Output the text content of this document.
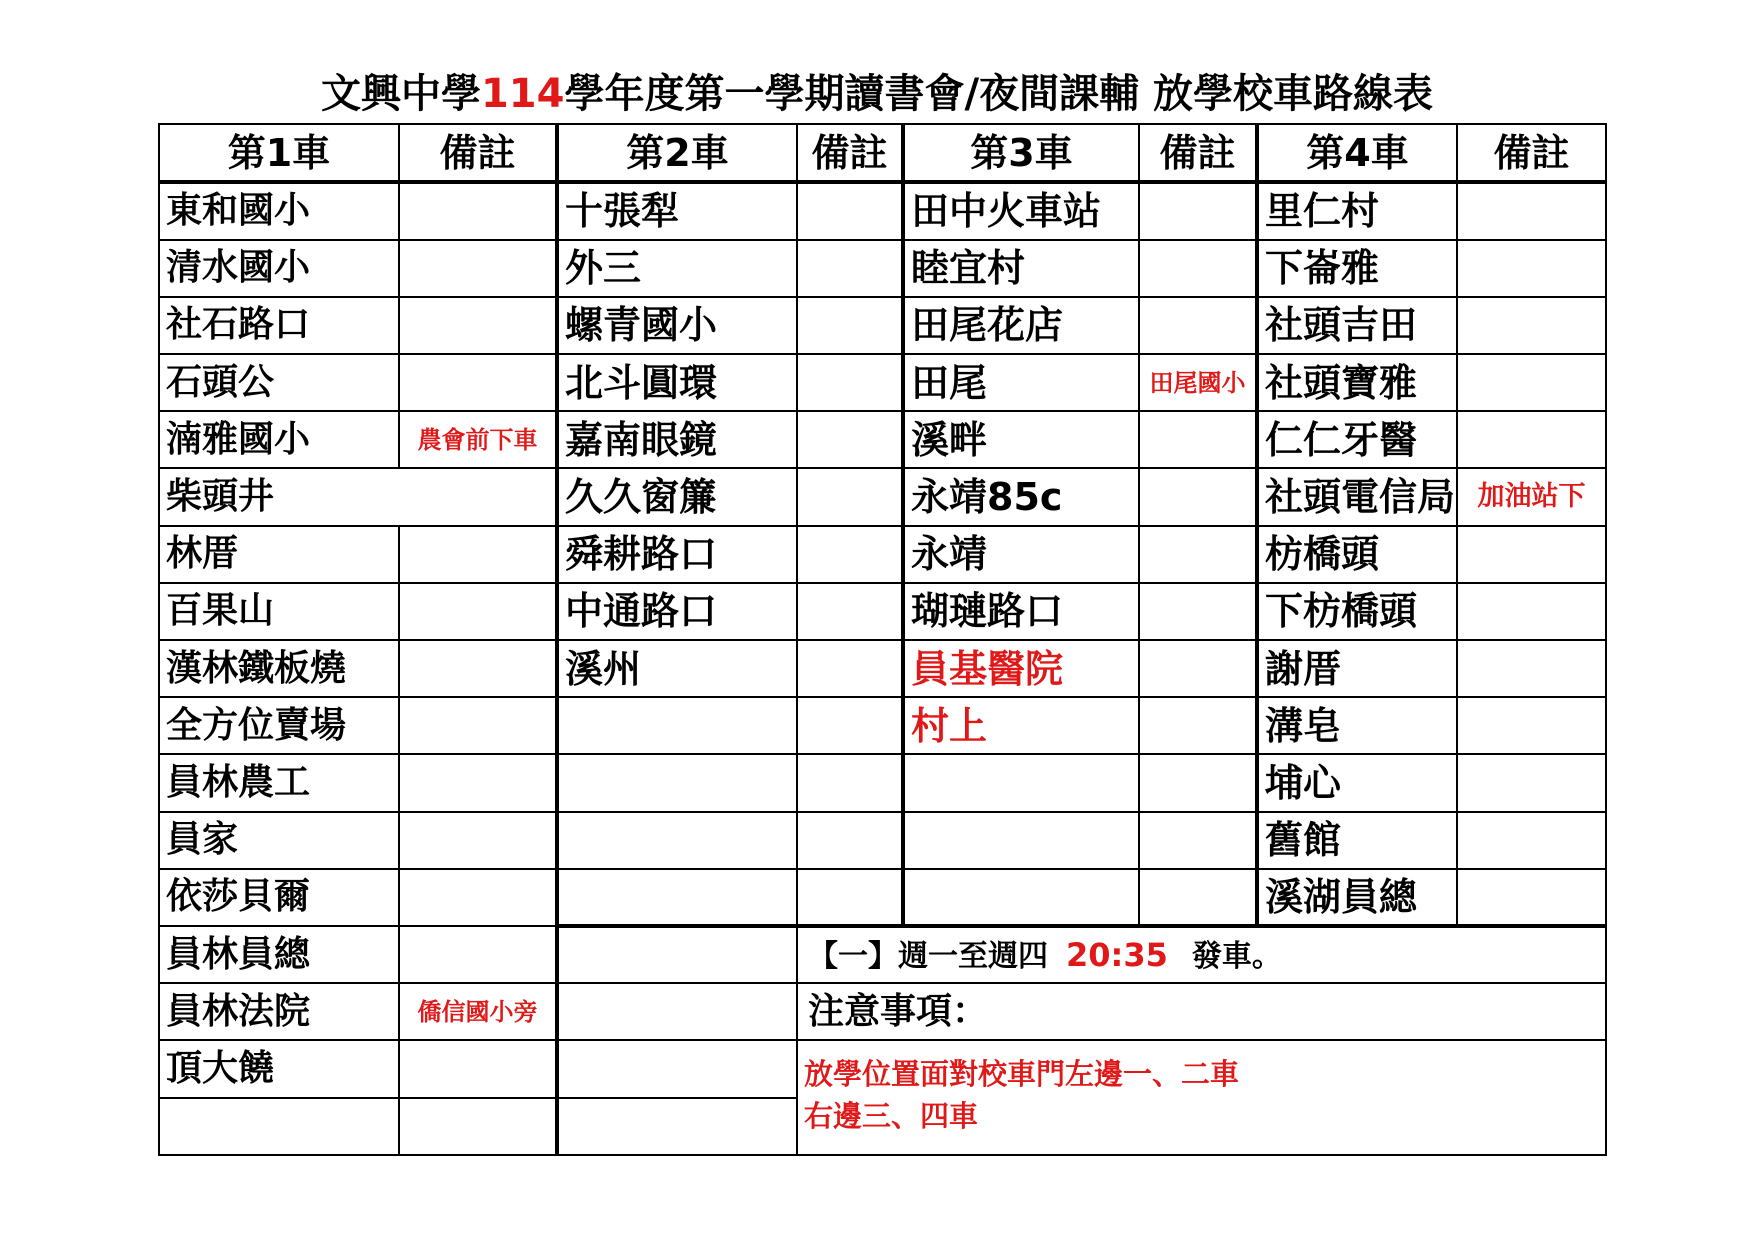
文興中學114學年度第一學期讀書會/夜間課輔 放學校車路線表
第1車	備註	第2車	備註	第3車	備註	第4車	備註	
東和國小		十張犁		田中火車站		里仁村		
清水國小		外三		睦宜村		下崙雅		
社石路口		螺青國小		田尾花店		社頭吉田		
石頭公		北斗圓環		田尾	田尾國小	社頭寶雅		
湳雅國小	農會前下車	嘉南眼鏡		溪畔		仁仁牙醫		
柴頭井		久久窗簾		永靖85c		社頭電信局	加油站下	
林厝		舜耕路口		永靖		枋橋頭		
百果山		中通路口		瑚璉路口		下枋橋頭		
漢林鐵板燒		溪州		員基醫院		謝厝		
全方位賣場				村上		溝皂		
員林農工						埔心		
員家						舊館		
依莎貝爾						溪湖員總		
員林員總			【一】週一至週四 20:35 發車。					

員林法院	僑信國小旁		注意事項：					

頂大饒			放學位置面對校車門左邊一、二車
右邊三、四車					
